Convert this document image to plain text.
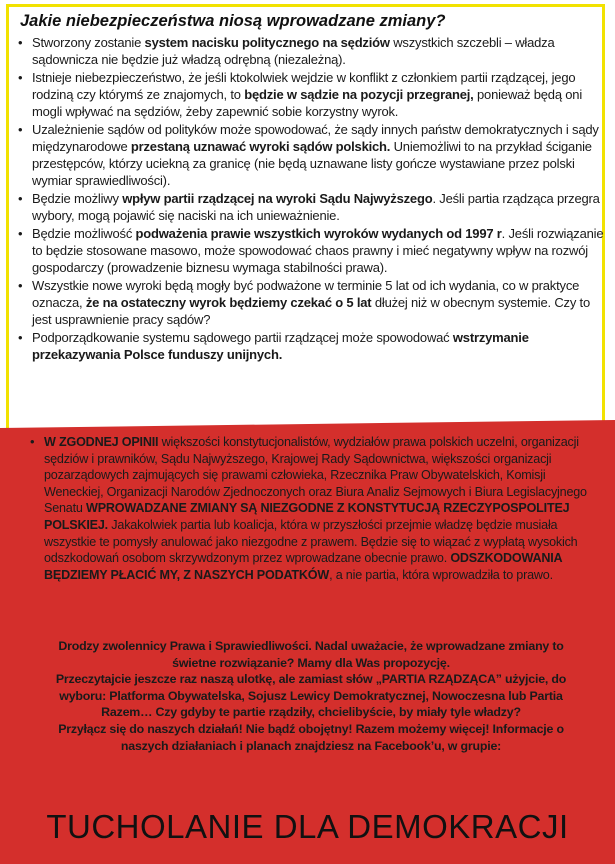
Jakie niebezpieczeństwa niosą wprowadzane zmiany?
• Stworzony zostanie system nacisku politycznego na sędziów wszystkich szczebli – władza sądownicza nie będzie już władzą odrębną (niezależną).
• Istnieje niebezpieczeństwo, że jeśli ktokolwiek wejdzie w konflikt z członkiem partii rządzącej, jego rodziną czy którymś ze znajomych, to będzie w sądzie na pozycji przegranej, ponieważ będą oni mogli wpływać na sędziów, żeby zapewnić sobie korzystny wyrok.
• Uzależnienie sądów od polityków może spowodować, że sądy innych państw demokratycznych i sądy międzynarodowe przestaną uznawać wyroki sądów polskich. Uniemożliwi to na przykład ściganie przestępców, którzy uciekną za granicę (nie będą uznawane listy gończe wystawiane przez polski wymiar sprawiedliwości).
• Będzie możliwy wpływ partii rządzącej na wyroki Sądu Najwyższego. Jeśli partia rządząca przegra wybory, mogą pojawić się naciski na ich unieważnienie.
• Będzie możliwość podważenia prawie wszystkich wyroków wydanych od 1997 r. Jeśli rozwiązanie to będzie stosowane masowo, może spowodować chaos prawny i mieć negatywny wpływ na rozwój gospodarczy (prowadzenie biznesu wymaga stabilności prawa).
• Wszystkie nowe wyroki będą mogły być podważone w terminie 5 lat od ich wydania, co w praktyce oznacza, że na ostateczny wyrok będziemy czekać o 5 lat dłużej niż w obecnym systemie. Czy to jest usprawnienie pracy sądów?
• Podporządkowanie systemu sądowego partii rządzącej może spowodować wstrzymanie przekazywania Polsce funduszy unijnych.
• W ZGODNEJ OPINII większości konstytucjonalistów, wydziałów prawa polskich uczelni, organizacji sędziów i prawników, Sądu Najwyższego, Krajowej Rady Sądownictwa, większości organizacji pozarządowych zajmujących się prawami człowieka, Rzecznika Praw Obywatelskich, Komisji Weneckiej, Organizacji Narodów Zjednoczonych oraz Biura Analiz Sejmowych i Biura Legislacyjnego Senatu WPROWADZANE ZMIANY SĄ NIEZGODNE Z KONSTYTUCJĄ RZECZYPOSPOLITEJ POLSKIEJ. Jakakolwiek partia lub koalicja, która w przyszłości przejmie władzę będzie musiała wszystkie te pomysły anulować jako niezgodne z prawem. Będzie się to wiązać z wypłatą wysokich odszkodowań osobom skrzywdzonym przez wprowadzane obecnie prawo. ODSZKODOWANIA BĘDZIEMY PŁACIĆ MY, Z NASZYCH PODATKÓW, a nie partia, która wprowadziła to prawo.

Drodzy zwolennicy Prawa i Sprawiedliwości. Nadal uważacie, że wprowadzane zmiany to świetne rozwiązanie? Mamy dla Was propozycję.

Przeczytajcie jeszcze raz naszą ulotkę, ale zamiast słów „PARTIA RZĄDZĄCA” użyjcie, do wyboru: Platforma Obywatelska, Sojusz Lewicy Demokratycznej, Nowoczesna lub Partia Razem… Czy gdyby te partie rządziły, chcielibyście, by miały tyle władzy?

Przyłącz się do naszych działań! Nie bądź obojętny! Razem możemy więcej! Informacje o naszych działaniach i planach znajdziesz na Facebook’u, w grupie:

TUCHOLANIE DLA DEMOKRACJI
